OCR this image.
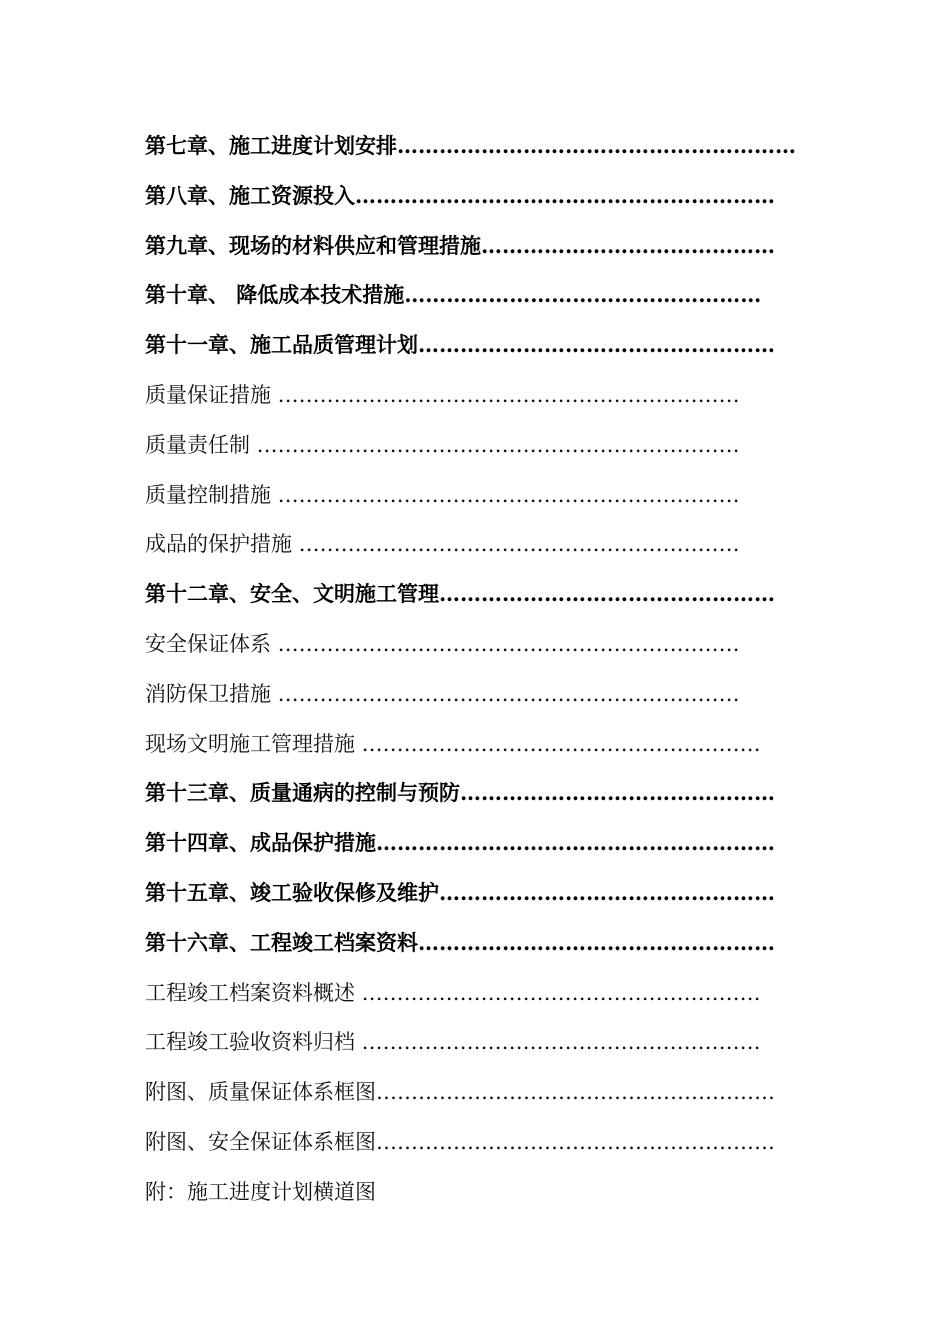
第七章、施工进度计划安排…………………………………………………
第八章、施工资源投入……………………………………………………
第九章、现场的材料供应和管理措施……………………………………
第十章、 降低成本技术措施……………………………………………
第十一章、施工品质管理计划……………………………………………
质量保证措施 …………………………………………………………
质量责任制 ……………………………………………………………
质量控制措施 …………………………………………………………
成品的保护措施 ………………………………………………………
第十二章、安全、文明施工管理…………………………………………
安全保证体系 …………………………………………………………
消防保卫措施 …………………………………………………………
现场文明施工管理措施 …………………………………………………
第十三章、质量通病的控制与预防………………………………………
第十四章、成品保护措施…………………………………………………
第十五章、竣工验收保修及维护…………………………………………
第十六章、工程竣工档案资料……………………………………………
工程竣工档案资料概述 …………………………………………………
工程竣工验收资料归档 …………………………………………………
附图、质量保证体系框图…………………………………………………
附图、安全保证体系框图…………………………………………………
附：施工进度计划横道图
